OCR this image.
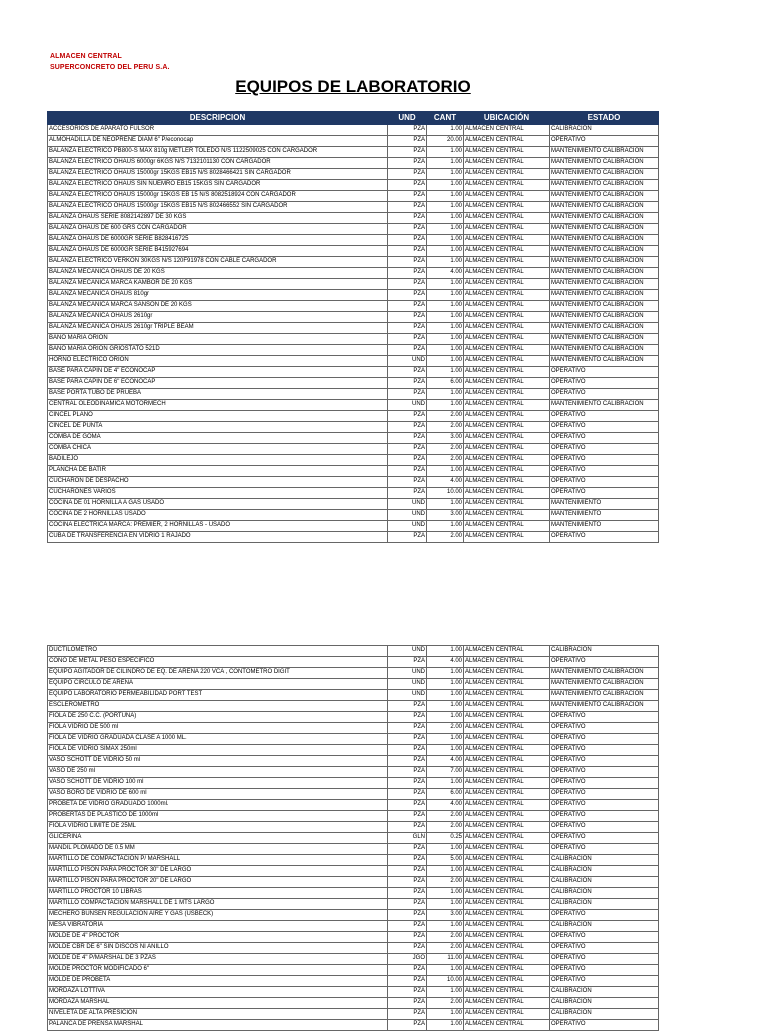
ALMACEN CENTRAL
SUPERCONCRETO DEL PERU S.A.
EQUIPOS DE LABORATORIO
DESCRIPCION	UND	CANT	UBICACIÓN	ESTADO
ACCESORIOS DE APARATO FULSOR	PZA	1.00	ALMACEN CENTRAL	CALIBRACION
ALMOHADILLA DE NEOPRENE DIAM 6" P/econocap	PZA	20.00	ALMACEN CENTRAL	OPERATIVO
BALANZA ELECTRICO PB800-S MAX 810g METLER TOLEDO N/S 1122509025 CON CARGADOR	PZA	1.00	ALMACEN CENTRAL	MANTENIMIENTO CALIBRACION
BALANZA ELECTRICO OHAUS 6000gr 6KGS N/S 7132101130 CON CARGADOR	PZA	1.00	ALMACEN CENTRAL	MANTENIMIENTO CALIBRACION
BALANZA ELECTRICO OHAUS 15000gr 15KGS EB15 N/S 8028466421 SIN CARGADOR	PZA	1.00	ALMACEN CENTRAL	MANTENIMIENTO CALIBRACION
BALANZA ELECTRICO OHAUS SIN NUEMRO EB15 15KGS SIN CARGADOR	PZA	1.00	ALMACEN CENTRAL	MANTENIMIENTO CALIBRACION
BALANZA ELECTRICO OHAUS 15000gr 15KGS EB 15 N/S 8082518924 CON CARGADOR	PZA	1.00	ALMACEN CENTRAL	MANTENIMIENTO CALIBRACION
BALANZA ELECTRICO OHAUS 15000gr 15KGS EB15 N/S 802466552 SIN CARGADOR	PZA	1.00	ALMACEN CENTRAL	MANTENIMIENTO CALIBRACION
BALANZA OHAUS SERIE 8082142897 DE 30 KGS	PZA	1.00	ALMACEN CENTRAL	MANTENIMIENTO CALIBRACION
BALANZA OHAUS DE 600 GRS CON CARGADOR	PZA	1.00	ALMACEN CENTRAL	MANTENIMIENTO CALIBRACION
BALANZA OHAUS DE 6000GR SERIE B828416725	PZA	1.00	ALMACEN CENTRAL	MANTENIMIENTO CALIBRACION
BALANZA OHAUS DE 6000GR SERIE B415927694	PZA	1.00	ALMACEN CENTRAL	MANTENIMIENTO CALIBRACION
BALANZA ELECTRICO VERKON 30KGS N/S 120F91978 CON CABLE CARGADOR	PZA	1.00	ALMACEN CENTRAL	MANTENIMIENTO CALIBRACION
BALANZA MECANICA OHAUS DE 20 KGS	PZA	4.00	ALMACEN CENTRAL	MANTENIMIENTO CALIBRACION
BALANZA MECANICA MARCA KAMBOR DE 20 KGS	PZA	1.00	ALMACEN CENTRAL	MANTENIMIENTO CALIBRACION
BALANZA MECANICA OHAUS 810gr	PZA	1.00	ALMACEN CENTRAL	MANTENIMIENTO CALIBRACION
BALANZA MECANICA MARCA SANSON DE 20 KGS	PZA	1.00	ALMACEN CENTRAL	MANTENIMIENTO CALIBRACION
BALANZA MECANICA OHAUS 2610gr	PZA	1.00	ALMACEN CENTRAL	MANTENIMIENTO CALIBRACION
BALANZA MECANICA OHAUS 2610gr TRIPLE BEAM	PZA	1.00	ALMACEN CENTRAL	MANTENIMIENTO CALIBRACION
BAÑO MARIA ORION	PZA	1.00	ALMACEN CENTRAL	MANTENIMIENTO CALIBRACION
BAÑO MARIA ORION GRIOSTATO 521D	PZA	1.00	ALMACEN CENTRAL	MANTENIMIENTO CALIBRACION
HORNO ELECTRICO ORION	UND	1.00	ALMACEN CENTRAL	MANTENIMIENTO CALIBRACION
BASE PARA CAPIN DE 4" ECONOCAP	PZA	1.00	ALMACEN CENTRAL	OPERATIVO
BASE PARA CAPIN DE 6" ECONOCAP	PZA	6.00	ALMACEN CENTRAL	OPERATIVO
BASE PORTA TUBO DE PRUEBA	PZA	1.00	ALMACEN CENTRAL	OPERATIVO
CENTRAL OLEODINAMICA MOTORMECH	UND	1.00	ALMACEN CENTRAL	MANTENIMIENTO CALIBRACION
CINCEL PLANO	PZA	2.00	ALMACEN CENTRAL	OPERATIVO
CINCEL DE PUNTA	PZA	2.00	ALMACEN CENTRAL	OPERATIVO
COMBA DE GOMA	PZA	3.00	ALMACEN CENTRAL	OPERATIVO
COMBA CHICA	PZA	2.00	ALMACEN CENTRAL	OPERATIVO
BADILEJO	PZA	2.00	ALMACEN CENTRAL	OPERATIVO
PLANCHA DE BATIR	PZA	1.00	ALMACEN CENTRAL	OPERATIVO
CUCHARON DE DESPACHO	PZA	4.00	ALMACEN CENTRAL	OPERATIVO
CUCHARONES VARIOS	PZA	10.00	ALMACEN CENTRAL	OPERATIVO
COCINA DE 01 HORNILLA A GAS USADO	UND	1.00	ALMACEN CENTRAL	MANTENIMIENTO
COCINA DE 2 HORNILLAS USADO	UND	3.00	ALMACEN CENTRAL	MANTENIMIENTO
COCINA ELECTRICA MARCA: PREMIER, 2 HORNILLAS - USADO	UND	1.00	ALMACEN CENTRAL	MANTENIMIENTO
CUBA DE TRANSFERENCIA EN VIDRIO 1 RAJADO	PZA	2.00	ALMACEN CENTRAL	OPERATIVO
DUCTILOMETRO	UND	1.00	ALMACEN CENTRAL	CALIBRACION
CONO DE METAL PESO ESPECIFICO	PZA	4.00	ALMACEN CENTRAL	OPERATIVO
EQUIPO AGITADOR DE CILINDRO DE EQ. DE ARENA 220 VCA , CONTOMETRO DIGIT	UND	1.00	ALMACEN CENTRAL	MANTENIMIENTO CALIBRACION
EQUIPO CIRCULO DE ARENA	UND	1.00	ALMACEN CENTRAL	MANTENIMIENTO CALIBRACION
EQUIPO LABORATORIO PERMEABILIDAD PORT TEST	UND	1.00	ALMACEN CENTRAL	MANTENIMIENTO CALIBRACION
ESCLEROMETRO	PZA	1.00	ALMACEN CENTRAL	MANTENIMIENTO CALIBRACION
FIOLA DE 250 C.C. (PORTUNA)	PZA	1.00	ALMACEN CENTRAL	OPERATIVO
FIOLA VIDRIO DE 500 ml	PZA	2.00	ALMACEN CENTRAL	OPERATIVO
FIOLA DE VIDRIO GRADUADA CLASE A 1000 ML.	PZA	1.00	ALMACEN CENTRAL	OPERATIVO
FIOLA DE VIDRIO SIMAX 250ml	PZA	1.00	ALMACEN CENTRAL	OPERATIVO
VASO SCHOTT DE VIDRIO 50 ml	PZA	4.00	ALMACEN CENTRAL	OPERATIVO
VASO DE 250 ml	PZA	7.00	ALMACEN CENTRAL	OPERATIVO
VASO SCHOTT DE VIDRIO 100 ml	PZA	1.00	ALMACEN CENTRAL	OPERATIVO
VASO BORO DE VIDRIO DE 600 ml	PZA	6.00	ALMACEN CENTRAL	OPERATIVO
PROBETA DE VIDRIO GRADUADO 1000ml.	PZA	4.00	ALMACEN CENTRAL	OPERATIVO
PROBERTAS DE PLASTICO DE 1000ml	PZA	2.00	ALMACEN CENTRAL	OPERATIVO
FIOLA VIDRIO LIMITE DE 25ML	PZA	2.00	ALMACEN CENTRAL	OPERATIVO
GLICERINA	GLN	0.25	ALMACEN CENTRAL	OPERATIVO
MANDIL PLOMADO DE 0.5 MM	PZA	1.00	ALMACEN CENTRAL	OPERATIVO
MARTILLO DE COMPACTACION P/ MARSHALL	PZA	5.00	ALMACEN CENTRAL	CALIBRACION
MARTILLO PISON PARA PROCTOR 30" DE LARGO	PZA	1.00	ALMACEN CENTRAL	CALIBRACION
MARTILLO PISON PARA PROCTOR 20" DE LARGO	PZA	2.00	ALMACEN CENTRAL	CALIBRACION
MARTILLO PROCTOR 10 LIBRAS	PZA	1.00	ALMACEN CENTRAL	CALIBRACION
MARTILLO COMPACTACION MARSHALL DE 1 MTS LARGO	PZA	1.00	ALMACEN CENTRAL	CALIBRACION
MECHERO BUNSEN REGULACION AIRE Y GAS (USBECK)	PZA	3.00	ALMACEN CENTRAL	OPERATIVO
MESA VIBRATORIA	PZA	1.00	ALMACEN CENTRAL	CALIBRACION
MOLDE DE 4" PROCTOR	PZA	2.00	ALMACEN CENTRAL	OPERATIVO
MOLDE CBR DE 6" SIN DISCOS NI ANILLO	PZA	2.00	ALMACEN CENTRAL	OPERATIVO
MOLDE DE 4" P/MARSHAL DE 3 PZAS	JGO	11.00	ALMACEN CENTRAL	OPERATIVO
MOLDE PROCTOR MODIFICADO 6"	PZA	1.00	ALMACEN CENTRAL	OPERATIVO
MOLDE DE PROBETA	PZA	10.00	ALMACEN CENTRAL	OPERATIVO
MORDAZA LOTTIVA	PZA	1.00	ALMACEN CENTRAL	CALIBRACION
MORDAZA MARSHAL	PZA	2.00	ALMACEN CENTRAL	CALIBRACION
NIVELETA DE ALTA PRESICION	PZA	1.00	ALMACEN CENTRAL	CALIBRACION
PALANCA DE PRENSA MARSHAL	PZA	1.00	ALMACEN CENTRAL	OPERATIVO
